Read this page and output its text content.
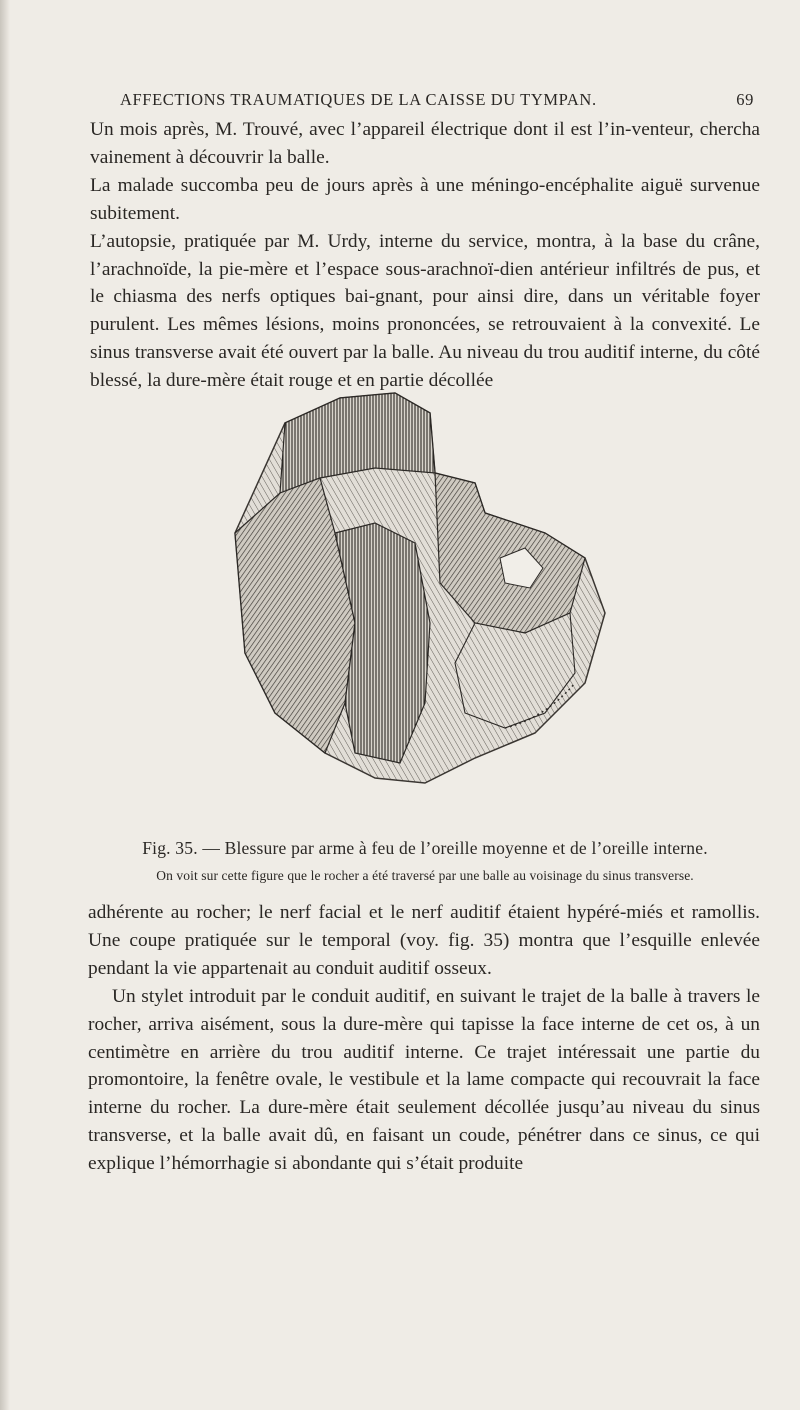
AFFECTIONS TRAUMATIQUES DE LA CAISSE DU TYMPAN.	69

Un mois après, M. Trouvé, avec l’appareil électrique dont il est l’in-venteur, chercha vainement à découvrir la balle.

La malade succomba peu de jours après à une méningo-encéphalite aiguë survenue subitement.

L’autopsie, pratiquée par M. Urdy, interne du service, montra, à la base du crâne, l’arachnoïde, la pie-mère et l’espace sous-arachnoï-dien antérieur infiltrés de pus, et le chiasma des nerfs optiques bai-gnant, pour ainsi dire, dans un véritable foyer purulent. Les mêmes lésions, moins prononcées, se retrouvaient à la convexité. Le sinus transverse avait été ouvert par la balle. Au niveau du trou auditif interne, du côté blessé, la dure-mère était rouge et en partie décollée

Fig. 35. — Blessure par arme à feu de l’oreille moyenne et de l’oreille interne.
On voit sur cette figure que le rocher a été traversé par une balle au voisinage du sinus transverse.

adhérente au rocher; le nerf facial et le nerf auditif étaient hypéré-miés et ramollis. Une coupe pratiquée sur le temporal (voy. fig. 35) montra que l’esquille enlevée pendant la vie appartenait au conduit auditif osseux.

Un stylet introduit par le conduit auditif, en suivant le trajet de la balle à travers le rocher, arriva aisément, sous la dure-mère qui tapisse la face interne de cet os, à un centimètre en arrière du trou auditif interne. Ce trajet intéressait une partie du promontoire, la fenêtre ovale, le vestibule et la lame compacte qui recouvrait la face interne du rocher. La dure-mère était seulement décollée jusqu’au niveau du sinus transverse, et la balle avait dû, en faisant un coude, pénétrer dans ce sinus, ce qui explique l’hémorrhagie si abondante qui s’était produite
